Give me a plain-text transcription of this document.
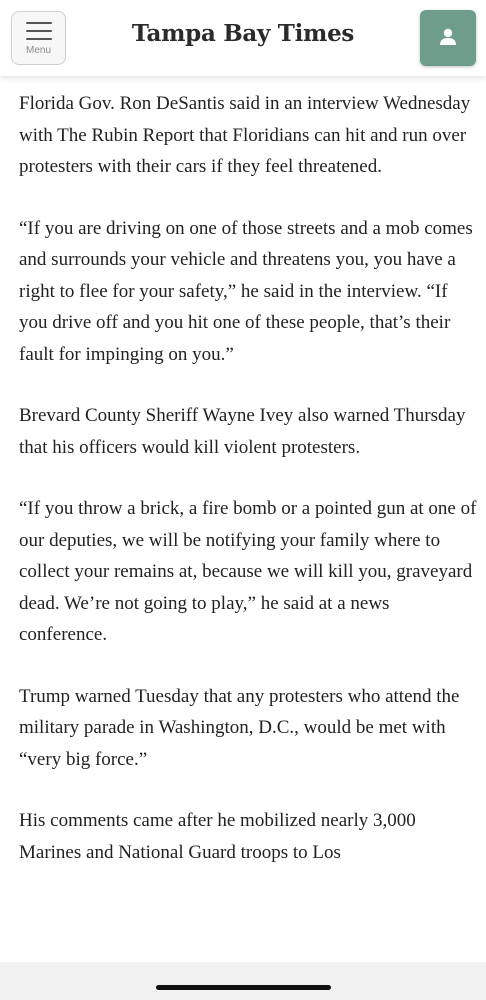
Menu
Tampa Bay Times

Florida Gov. Ron DeSantis said in an interview Wednesday with The Rubin Report that Floridians can hit and run over protesters with their cars if they feel threatened.

“If you are driving on one of those streets and a mob comes and surrounds your vehicle and threatens you, you have a right to flee for your safety,” he said in the interview. “If you drive off and you hit one of these people, that’s their fault for impinging on you.”

Brevard County Sheriff Wayne Ivey also warned Thursday that his officers would kill violent protesters.

“If you throw a brick, a fire bomb or a pointed gun at one of our deputies, we will be notifying your family where to collect your remains at, because we will kill you, graveyard dead. We’re not going to play,” he said at a news conference.

Trump warned Tuesday that any protesters who attend the military parade in Washington, D.C., would be met with “very big force.”

His comments came after he mobilized nearly 3,000 Marines and National Guard troops to Los
